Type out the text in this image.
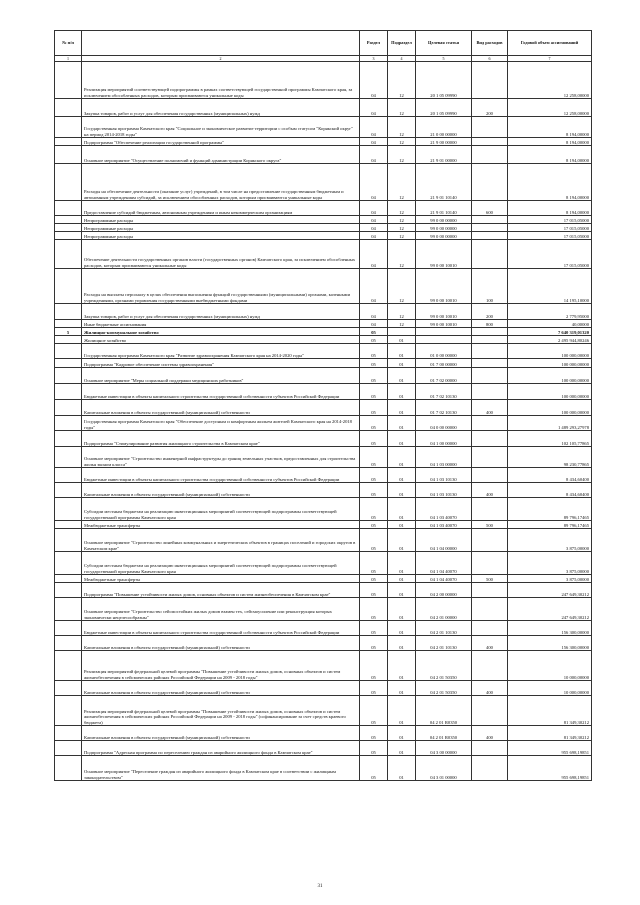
№ п/п		Раздел	Подраздел	Целевая статья	Вид расходов	Годовой объем ассигнований
1	2	3	4	5	6	7
	Реализация мероприятий соответствующей подпрограммы в рамках соответствующей государственной программы Камчатского края, за исключением обособленных расходов, которым присваиваются уникальные коды	04	12	20 1 05 09990		12 258,00000
	Закупка товаров, работ и услуг для обеспечения государственных (муниципальных) нужд	04	12	20 1 05 09990	200	12 258,00000
	Государственная программа Камчатского края "Социальное и экономическое развитие территории с особым статусом "Корякский округ" на период 2014-2018 годы"	04	12	21 0 00 00000		8 194,00000
	Подпрограмма "Обеспечение реализации государственной программы"	04	12	21 9 00 00000		8 194,00000
	Основное мероприятие "Осуществление полномочий и функций администрации Корякского округа"	04	12	21 9 01 00000		8 194,00000
	Расходы на обеспечение деятельности (оказание услуг) учреждений, в том числе на предоставление государственным бюджетным и автономным учреждениям субсидий, за исключением обособленных расходов, которым присваиваются уникальные коды	04	12	21 9 01 10140		8 194,00000
	Предоставление субсидий бюджетным, автономным учреждениям и иным некоммерческим организациям	04	12	21 9 01 10140	600	8 194,00000
	Непрограммные расходы	04	12	99 0 00 00000		17 015,05000
	Непрограммные расходы	04	12	99 0 00 00000		17 015,05000
	Непрограммные расходы	04	12	99 0 00 00000		17 015,05000
	Обеспечение деятельности государственных органов власти (государственных органов) Камчатского края, за исключением обособленных расходов, которым присваиваются уникальные коды	04	12	99 0 00 10010		17 015,05000
	Расходы на выплаты персоналу в целях обеспечения выполнения функций государственными (муниципальными) органами, казенными учреждениями, органами управления государственными внебюджетными фондами	04	12	99 0 00 10010	100	14 195,10000
	Закупка товаров, работ и услуг для обеспечения государственных (муниципальных) нужд	04	12	99 0 00 10010	200	2 779,95000
	Иные бюджетные ассигнования	04	12	99 0 00 10010	800	40,00000
5	Жилищно-коммунальное хозяйство	05				7 640 319,01320
	Жилищное хозяйство	05	01			2 495 944,80246
	Государственная программа Камчатского края "Развитие здравоохранения Камчатского края на 2014-2020 годы"	05	01	01 0 00 00000		100 000,00000
	Подпрограмма "Кадровое обеспечение системы здравоохранения"	05	01	01 7 00 00000		100 000,00000
	Основное мероприятие "Меры социальной поддержки медицинских работников"	05	01	01 7 02 00000		100 000,00000
	Бюджетные инвестиции в объекты капитального строительства государственной собственности субъектов Российской Федерации	05	01	01 7 02 10130		100 000,00000
	Капитальные вложения в объекты государственной (муниципальной) собственности	05	01	01 7 02 10130	400	100 000,00000
	Государственная программа Камчатского края "Обеспечение доступным и комфортным жильем жителей Камчатского края на 2014-2018 годы"	05	01	04 0 00 00000		1 489 293,27978
	Подпрограмма "Стимулирование развития жилищного строительства в Камчатском крае"	05	01	04 1 00 00000		102 105,77865
	Основное мероприятие "Строительство инженерной инфраструктуры до границ земельных участков, предоставленных для строительства жилья эконом класса"	05	01	04 1 03 00000		98 230,77865
	Бюджетные инвестиции в объекты капитального строительства государственной собственности субъектов Российской Федерации	05	01	04 1 03 10130		8 434,60400
	Капитальные вложения в объекты государственной (муниципальной) собственности	05	01	04 1 03 10130	400	8 434,60400
	Субсидии местным бюджетам на реализацию инвестиционных мероприятий соответствующей подпрограммы соответствующей государственной программы Камчатского края	05	01	04 1 03 40070		89 796,17465
	Межбюджетные трансферты	05	01	04 1 03 40070	500	89 796,17465
	Основное мероприятие "Строительство линейных коммунальных и энергетических объектов в границах поселений и городских округов в Камчатском крае"	05	01	04 1 04 00000		3 875,00000
	Субсидии местным бюджетам на реализацию инвестиционных мероприятий соответствующей подпрограммы соответствующей государственной программы Камчатского края	05	01	04 1 04 40070		3 875,00000
	Межбюджетные трансферты	05	01	04 1 04 40070	500	3 875,00000
	Подпрограмма "Повышение устойчивости жилых домов, основных объектов и систем жизнеобеспечения в Камчатском крае"	05	01	04 2 00 00000		247 649,30212
	Основное мероприятие "Строительство сейсмостойких жилых домов взамен тех, сейсмоусиление или реконструкция которых экономически нецелесообразны"	05	01	04 2 01 00000		247 649,30212
	Бюджетные инвестиции в объекты капитального строительства государственной собственности субъектов Российской Федерации	05	01	04 2 01 10130		156 300,00000
	Капитальные вложения в объекты государственной (муниципальной) собственности	05	01	04 2 01 10130	400	156 300,00000
	Реализация мероприятий федеральной целевой программы "Повышение устойчивости жилых домов, основных объектов и систем жизнеобеспечения в сейсмических районах Российской Федерации на 2009 - 2018 годы"	05	01	04 2 01 50350		10 000,00000
	Капитальные вложения в объекты государственной (муниципальной) собственности	05	01	04 2 01 50350	400	10 000,00000
	Реализация мероприятий федеральной целевой программы "Повышение устойчивости жилых домов, основных объектов и систем жизнеобеспечения в сейсмических районах Российской Федерации на 2009 - 2018 годы" (софинансирование за счет средств краевого бюджета)	05	01	04 2 01 R0350		81 349,30212
	Капитальные вложения в объекты государственной (муниципальной) собственности	05	01	04 2 01 R0350	400	81 349,30212
	Подпрограмма "Адресная программа по переселению граждан из аварийного жилищного фонда в Камчатском крае"	05	01	04 3 00 00000		955 698,19851
	Основное мероприятие "Переселение граждан из аварийного жилищного фонда в Камчатском крае в соответствии с жилищным законодательством"	05	01	04 3 01 00000		955 698,19851
31
